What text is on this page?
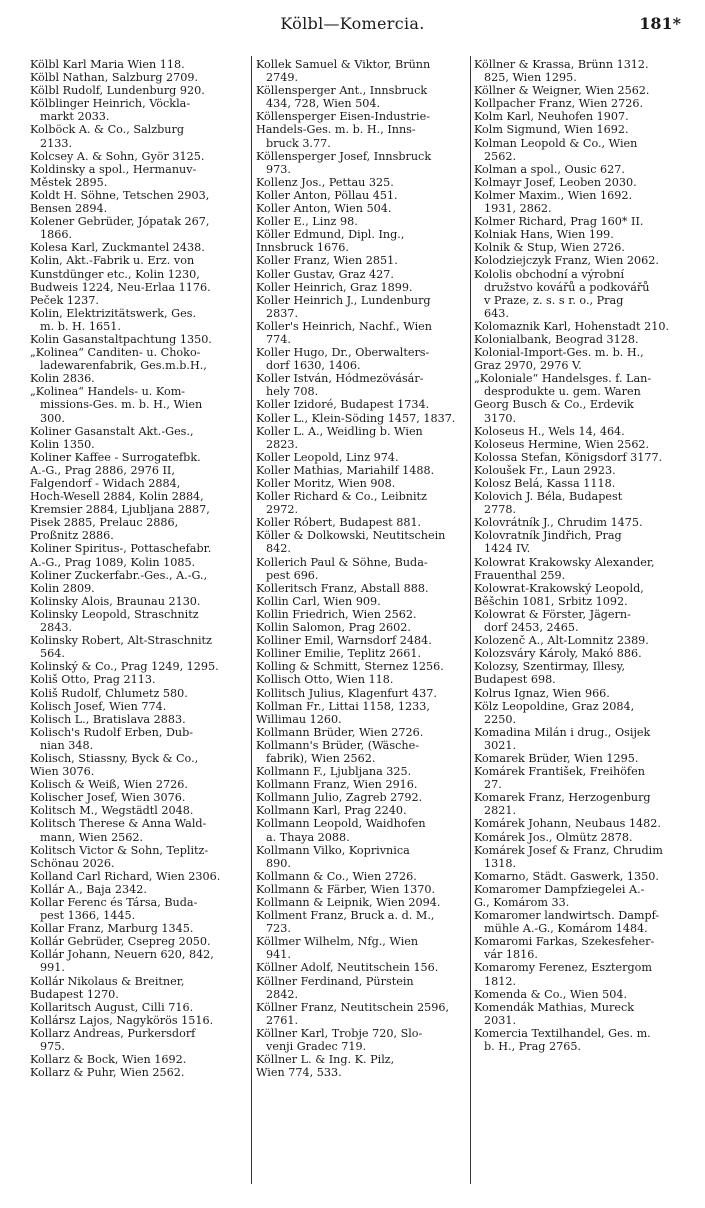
Kölbl—Komercia.	181*
Kölbl Karl Maria Wien 118.
Kölbl Nathan, Salzburg 2709.
Kölbl Rudolf, Lundenburg 920.
Kölblinger Heinrich, Vöckla-
markt 2033.
Kolböck A. & Co., Salzburg
2133.
Kolcsey A. & Sohn, Györ 3125.
Koldinsky a spol., Hermanuv-
Městek 2895.
Koldt H. Söhne, Tetschen 2903,
Bensen 2894.
Kolener Gebrüder, Jópatak 267,
1866.
Kolesa Karl, Zuckmantel 2438.
Kolin, Akt.-Fabrik u. Erz. von
Kunstdünger etc., Kolin 1230,
Budweis 1224, Neu-Erlaa 1176.
Peček 1237.
Kolin, Elektrizitätswerk, Ges.
m. b. H. 1651.
Kolin Gasanstaltpachtung 1350.
„Kolinea“ Canditen- u. Choko-
ladewarenfabrik, Ges.m.b.H.,
Kolin 2836.
„Kolinea“ Handels- u. Kom-
missions-Ges. m. b. H., Wien
300.
Koliner Gasanstalt Akt.-Ges.,
Kolin 1350.
Koliner Kaffee - Surrogatefbk.
A.-G., Prag 2886, 2976 II,
Falgendorf - Widach 2884,
Hoch-Wesell 2884, Kolin 2884,
Kremsier 2884, Ljubljana 2887,
Pisek 2885, Prelauc 2886,
Proßnitz 2886.
Koliner Spiritus-, Pottaschefabr.
A.-G., Prag 1089, Kolin 1085.
Koliner Zuckerfabr.-Ges., A.-G.,
Kolin 2809.
Kolinsky Alois, Braunau 2130.
Kolinsky Leopold, Straschnitz
2843.
Kolinsky Robert, Alt-Straschnitz
564.
Kolinský & Co., Prag 1249, 1295.
Koliš Otto, Prag 2113.
Koliš Rudolf, Chlumetz 580.
Kolisch Josef, Wien 774.
Kolisch L., Bratislava 2883.
Kolisch's Rudolf Erben, Dub-
nian 348.
Kolisch, Stiassny, Byck & Co.,
Wien 3076.
Kolisch & Weiß, Wien 2726.
Kolischer Josef, Wien 3076.
Kolitsch M., Wegstädtl 2048.
Kolitsch Therese & Anna Wald-
mann, Wien 2562.
Kolitsch Victor & Sohn, Teplitz-
Schönau 2026.
Kolland Carl Richard, Wien 2306.
Kollár A., Baja 2342.
Kollar Ferenc és Társa, Buda-
pest 1366, 1445.
Kollar Franz, Marburg 1345.
Kollár Gebrüder, Csepreg 2050.
Kollár Johann, Neuern 620, 842,
991.
Kollár Nikolaus & Breitner,
Budapest 1270.
Kollaritsch August, Cilli 716.
Kollársz Lajos, Nagykörös 1516.
Kollarz Andreas, Purkersdorf
975.
Kollarz & Bock, Wien 1692.
Kollarz & Puhr, Wien 2562.
Kollek Samuel & Viktor, Brünn
2749.
Köllensperger Ant., Innsbruck
434, 728, Wien 504.
Köllensperger Eisen-Industrie-
Handels-Ges. m. b. H., Inns-
bruck 3.77.
Köllensperger Josef, Innsbruck
973.
Kollenz Jos., Pettau 325.
Koller Anton, Pöllau 451.
Koller Anton, Wien 504.
Koller E., Linz 98.
Köller Edmund, Dipl. Ing.,
Innsbruck 1676.
Koller Franz, Wien 2851.
Koller Gustav, Graz 427.
Koller Heinrich, Graz 1899.
Koller Heinrich J., Lundenburg
2837.
Koller's Heinrich, Nachf., Wien
774.
Koller Hugo, Dr., Oberwalters-
dorf 1630, 1406.
Koller István, Hódmezövásár-
hely 708.
Koller Izidoré, Budapest 1734.
Koller L., Klein-Söding 1457, 1837.
Koller L. A., Weidling b. Wien
2823.
Koller Leopold, Linz 974.
Koller Mathias, Mariahilf 1488.
Koller Moritz, Wien 908.
Koller Richard & Co., Leibnitz
2972.
Koller Róbert, Budapest 881.
Köller & Dolkowski, Neutitschein
842.
Kollerich Paul & Söhne, Buda-
pest 696.
Kolleritsch Franz, Abstall 888.
Kollin Carl, Wien 909.
Kollin Friedrich, Wien 2562.
Kollin Salomon, Prag 2602.
Kolliner Emil, Warnsdorf 2484.
Kolliner Emilie, Teplitz 2661.
Kolling & Schmitt, Sternez 1256.
Kollisch Otto, Wien 118.
Kollitsch Julius, Klagenfurt 437.
Kollman Fr., Littai 1158, 1233,
Willimau 1260.
Kollmann Brüder, Wien 2726.
Kollmann's Brüder, (Wäsche-
fabrik), Wien 2562.
Kollmann F., Ljubljana 325.
Kollmann Franz, Wien 2916.
Kollmann Julio, Zagreb 2792.
Kollmann Karl, Prag 2240.
Kollmann Leopold, Waidhofen
a. Thaya 2088.
Kollmann Vilko, Koprivnica
890.
Kollmann & Co., Wien 2726.
Kollmann & Färber, Wien 1370.
Kollmann & Leipnik, Wien 2094.
Kollment Franz, Bruck a. d. M.,
723.
Köllmer Wilhelm, Nfg., Wien
941.
Köllner Adolf, Neutitschein 156.
Köllner Ferdinand, Pürstein
2842.
Köllner Franz, Neutitschein 2596,
2761.
Köllner Karl, Trobje 720, Slo-
venji Gradec 719.
Köllner L. & Ing. K. Pilz,
Wien 774, 533.
Köllner & Krassa, Brünn 1312.
825, Wien 1295.
Köllner & Weigner, Wien 2562.
Kollpacher Franz, Wien 2726.
Kolm Karl, Neuhofen 1907.
Kolm Sigmund, Wien 1692.
Kolman Leopold & Co., Wien
2562.
Kolman a spol., Ousic 627.
Kolmayr Josef, Leoben 2030.
Kolmer Maxim., Wien 1692.
1931, 2862.
Kolmer Richard, Prag 160* II.
Kolniak Hans, Wien 199.
Kolnik & Stup, Wien 2726.
Kolodziejczyk Franz, Wien 2062.
Kololis obchodní a výrobní
družstvo kovářů a podkovářů
v Praze, z. s. s r. o., Prag
643.
Kolomaznik Karl, Hohenstadt 210.
Kolonialbank, Beograd 3128.
Kolonial-Import-Ges. m. b. H.,
Graz 2970, 2976 V.
„Koloniale“ Handelsges. f. Lan-
desprodukte u. gem. Waren
Georg Busch & Co., Erdevik
3170.
Koloseus H., Wels 14, 464.
Koloseus Hermine, Wien 2562.
Kolossa Stefan, Königsdorf 3177.
Koloušek Fr., Laun 2923.
Kolosz Belá, Kassa 1118.
Kolovich J. Béla, Budapest
2778.
Kolovrátník J., Chrudim 1475.
Kolovratník Jindřich, Prag
1424 IV.
Kolowrat Krakowsky Alexander,
Frauenthal 259.
Kolowrat-Krakowský Leopold,
Běšchin 1081, Srbitz 1092.
Kolowrat & Förster, Jägern-
dorf 2453, 2465.
Kolozenč A., Alt-Lomnitz 2389.
Kolozsváry Károly, Makó 886.
Kolozsy, Szentirmay, Illesy,
Budapest 698.
Kolrus Ignaz, Wien 966.
Kölz Leopoldine, Graz 2084,
2250.
Komadina Milán i drug., Osijek
3021.
Komarek Brüder, Wien 1295.
Komárek František, Freihöfen
27.
Komarek Franz, Herzogenburg
2821.
Komárek Johann, Neubaus 1482.
Komárek Jos., Olmütz 2878.
Komárek Josef & Franz, Chrudim
1318.
Komarno, Städt. Gaswerk, 1350.
Komaromer Dampfziegelei A.-
G., Komárom 33.
Komaromer landwirtsch. Dampf-
mühle A.-G., Komárom 1484.
Komaromi Farkas, Szekesfeher-
vár 1816.
Komaromy Ferenez, Esztergom
1812.
Komenda & Co., Wien 504.
Komendák Mathias, Mureck
2031.
Komercia Textilhandel, Ges. m.
b. H., Prag 2765.
